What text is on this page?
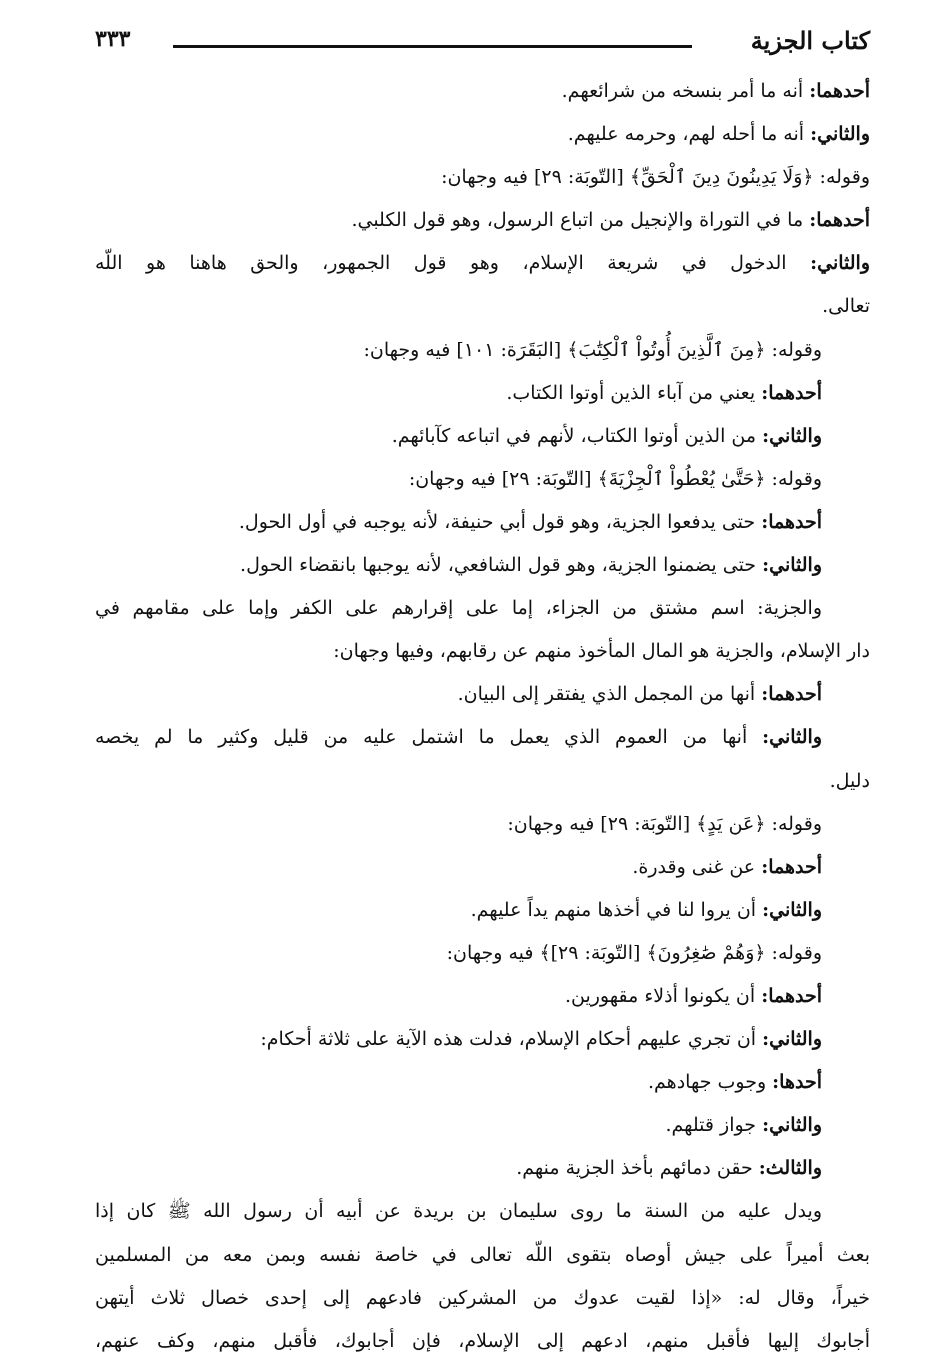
كتاب الجزية
٣٣٣
أحدهما: أنه ما أمر بنسخه من شرائعهم.
والثاني: أنه ما أحله لهم، وحرمه عليهم.
وقوله: ﴿وَلَا يَدِينُونَ دِينَ ٱلْحَقِّ﴾ [التّوبَة: ٢٩] فيه وجهان:
أحدهما: ما في التوراة والإنجيل من اتباع الرسول، وهو قول الكلبي.
والثاني: الدخول في شريعة الإسلام، وهو قول الجمهور، والحق هاهنا هو اللّه
تعالى.
وقوله: ﴿مِنَ ٱلَّذِينَ أُوتُواْ ٱلْكِتَٰبَ﴾ [البَقَرَة: ١٠١] فيه وجهان:
أحدهما: يعني من آباء الذين أوتوا الكتاب.
والثاني: من الذين أوتوا الكتاب، لأنهم في اتباعه كآبائهم.
وقوله: ﴿حَتَّىٰ يُعْطُواْ ٱلْجِزْيَةَ﴾ [التّوبَة: ٢٩] فيه وجهان:
أحدهما: حتى يدفعوا الجزية، وهو قول أبي حنيفة، لأنه يوجبه في أول الحول.
والثاني: حتى يضمنوا الجزية، وهو قول الشافعي، لأنه يوجبها بانقضاء الحول.
والجزية: اسم مشتق من الجزاء، إما على إقرارهم على الكفر وإما على مقامهم في
دار الإسلام، والجزية هو المال المأخوذ منهم عن رقابهم، وفيها وجهان:
أحدهما: أنها من المجمل الذي يفتقر إلى البيان.
والثاني: أنها من العموم الذي يعمل ما اشتمل عليه من قليل وكثير ما لم يخصه
دليل.
وقوله: ﴿عَن يَدٍ﴾ [التّوبَة: ٢٩] فيه وجهان:
أحدهما: عن غنى وقدرة.
والثاني: أن يروا لنا في أخذها منهم يداً عليهم.
وقوله: ﴿وَهُمْ صَٰغِرُونَ﴾ [التّوبَة: ٢٩]﴾ فيه وجهان:
أحدهما: أن يكونوا أذلاء مقهورين.
والثاني: أن تجري عليهم أحكام الإسلام، فدلت هذه الآية على ثلاثة أحكام:
أحدها: وجوب جهادهم.
والثاني: جواز قتلهم.
والثالث: حقن دمائهم بأخذ الجزية منهم.
ويدل عليه من السنة ما روى سليمان بن بريدة عن أبيه أن رسول الله ﷺ كان إذا
بعث أميراً على جيش أوصاه بتقوى اللّه تعالى في خاصة نفسه وبمن معه من المسلمين
خيراً، وقال له: «إذا لقيت عدوك من المشركين فادعهم إلى إحدى خصال ثلاث أيتهن
أجابوك إليها فأقبل منهم، ادعهم إلى الإسلام، فإن أجابوك، فأقبل منهم، وكف عنهم،
